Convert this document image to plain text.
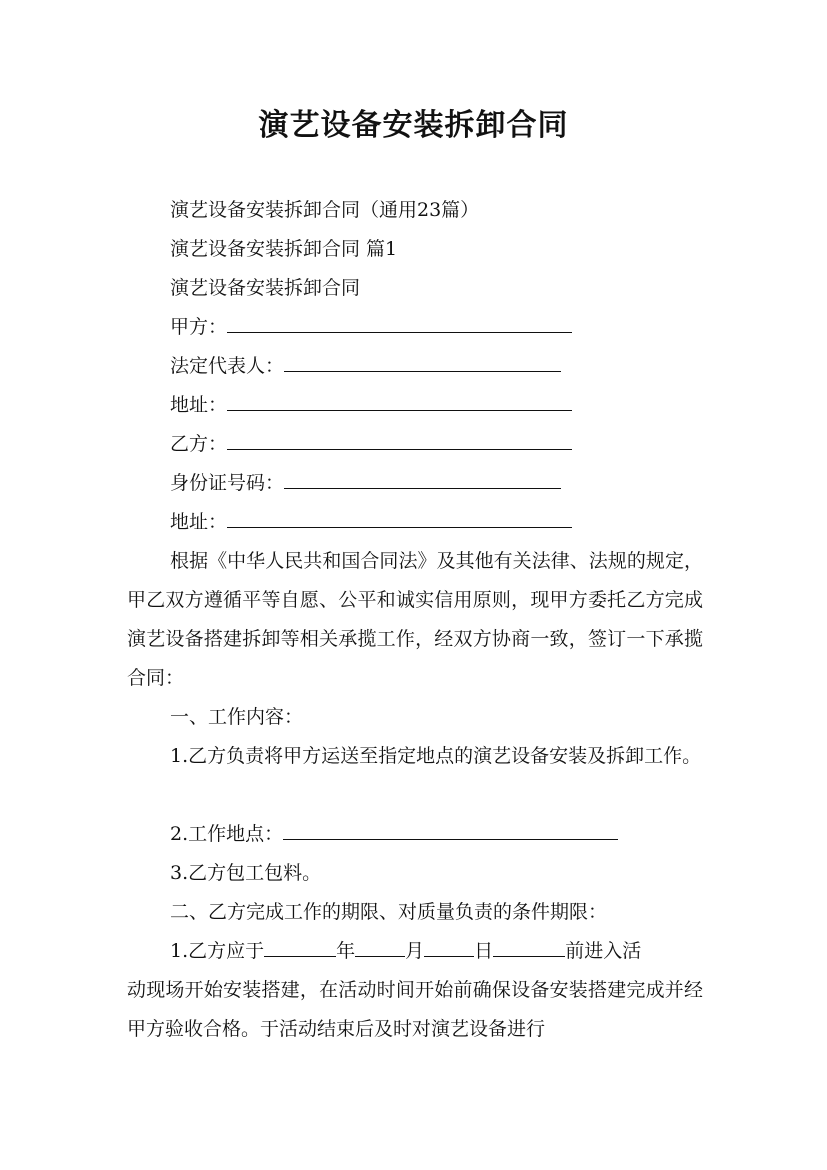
演艺设备安装拆卸合同
演艺设备安装拆卸合同（通用23篇）
演艺设备安装拆卸合同 篇1
演艺设备安装拆卸合同
甲方：
法定代表人：
地址：
乙方：
身份证号码：
地址：
根据《中华人民共和国合同法》及其他有关法律、法规的规定，甲乙双方遵循平等自愿、公平和诚实信用原则，现甲方委托乙方完成演艺设备搭建拆卸等相关承揽工作，经双方协商一致，签订一下承揽合同：
一、工作内容：
1.乙方负责将甲方运送至指定地点的演艺设备安装及拆卸工作。
2.工作地点：
3.乙方包工包料。
二、乙方完成工作的期限、对质量负责的条件期限：
1.乙方应于	年	月	日	前进入活
动现场开始安装搭建，在活动时间开始前确保设备安装搭建完成并经甲方验收合格。于活动结束后及时对演艺设备进行
